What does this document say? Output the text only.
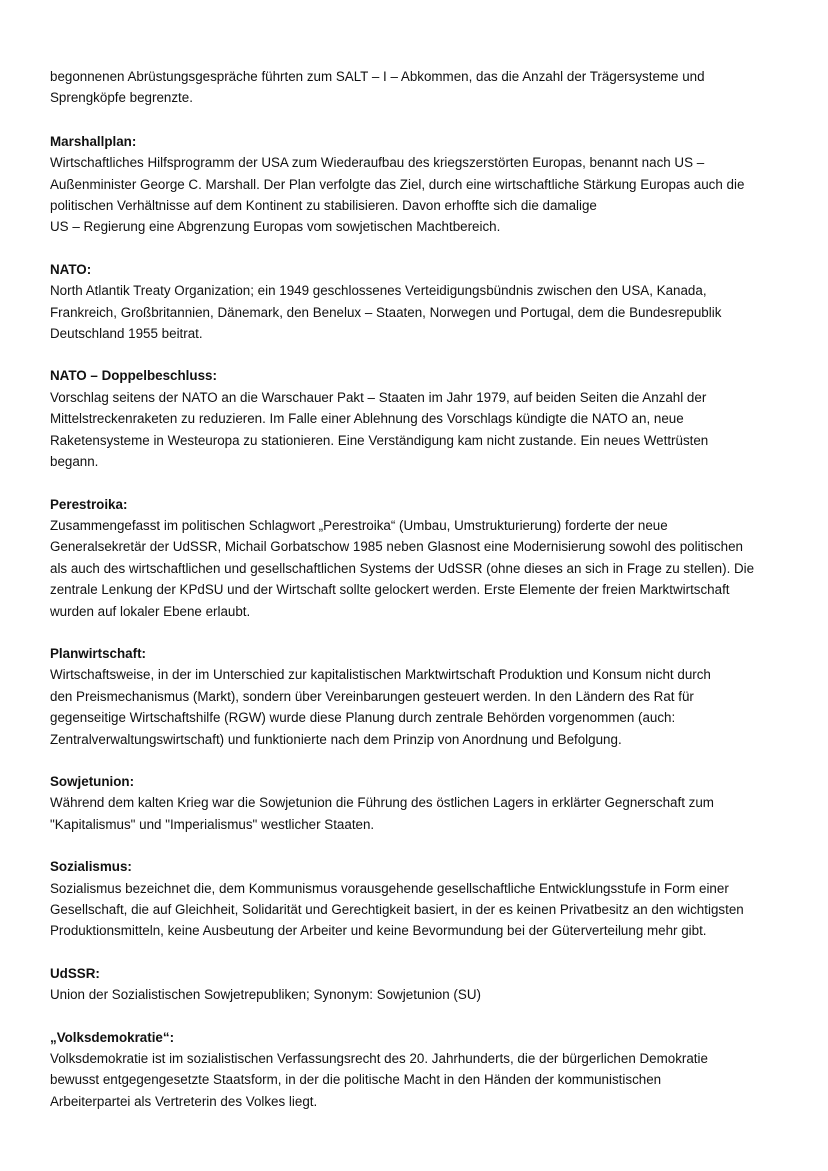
begonnenen Abrüstungsgespräche führten zum SALT – I – Abkommen, das die Anzahl der Trägersysteme und
Sprengköpfe begrenzte.

Marshallplan:

Wirtschaftliches Hilfsprogramm der USA zum Wiederaufbau des kriegszerstörten Europas, benannt nach US –
Außenminister George C. Marshall. Der Plan verfolgte das Ziel, durch eine wirtschaftliche Stärkung Europas auch die
politischen Verhältnisse auf dem Kontinent zu stabilisieren. Davon erhoffte sich die damalige
US – Regierung eine Abgrenzung Europas vom sowjetischen Machtbereich.

NATO:

North Atlantik Treaty Organization; ein 1949 geschlossenes Verteidigungsbündnis zwischen den USA, Kanada,
Frankreich, Großbritannien, Dänemark, den Benelux – Staaten, Norwegen und Portugal, dem die Bundesrepublik
Deutschland 1955 beitrat.

NATO – Doppelbeschluss:

Vorschlag seitens der NATO an die Warschauer Pakt – Staaten im Jahr 1979, auf beiden Seiten die Anzahl der
Mittelstreckenraketen zu reduzieren. Im Falle einer Ablehnung des Vorschlags kündigte die NATO an, neue
Raketensysteme in Westeuropa zu stationieren. Eine Verständigung kam nicht zustande. Ein neues Wettrüsten
begann.

Perestroika:

Zusammengefasst im politischen Schlagwort „Perestroika“ (Umbau, Umstrukturierung) forderte der neue
Generalsekretär der UdSSR, Michail Gorbatschow 1985 neben Glasnost eine Modernisierung sowohl des politischen
als auch des wirtschaftlichen und gesellschaftlichen Systems der UdSSR (ohne dieses an sich in Frage zu stellen). Die
zentrale Lenkung der KPdSU und der Wirtschaft sollte gelockert werden. Erste Elemente der freien Marktwirtschaft
wurden auf lokaler Ebene erlaubt.

Planwirtschaft:

Wirtschaftsweise, in der im Unterschied zur kapitalistischen Marktwirtschaft Produktion und Konsum nicht durch
den Preismechanismus (Markt), sondern über Vereinbarungen gesteuert werden. In den Ländern des Rat für
gegenseitige Wirtschaftshilfe (RGW) wurde diese Planung durch zentrale Behörden vorgenommen (auch:
Zentralverwaltungswirtschaft) und funktionierte nach dem Prinzip von Anordnung und Befolgung.

Sowjetunion:

Während dem kalten Krieg war die Sowjetunion die Führung des östlichen Lagers in erklärter Gegnerschaft zum
"Kapitalismus" und "Imperialismus" westlicher Staaten.

Sozialismus:

Sozialismus bezeichnet die, dem Kommunismus vorausgehende gesellschaftliche Entwicklungsstufe in Form einer
Gesellschaft, die auf Gleichheit, Solidarität und Gerechtigkeit basiert, in der es keinen Privatbesitz an den wichtigsten
Produktionsmitteln, keine Ausbeutung der Arbeiter und keine Bevormundung bei der Güterverteilung mehr gibt.

UdSSR:

Union der Sozialistischen Sowjetrepubliken; Synonym: Sowjetunion (SU)

„Volksdemokratie“:

Volksdemokratie ist im sozialistischen Verfassungsrecht des 20. Jahrhunderts, die der bürgerlichen Demokratie
bewusst entgegengesetzte Staatsform, in der die politische Macht in den Händen der kommunistischen
Arbeiterpartei als Vertreterin des Volkes liegt.
